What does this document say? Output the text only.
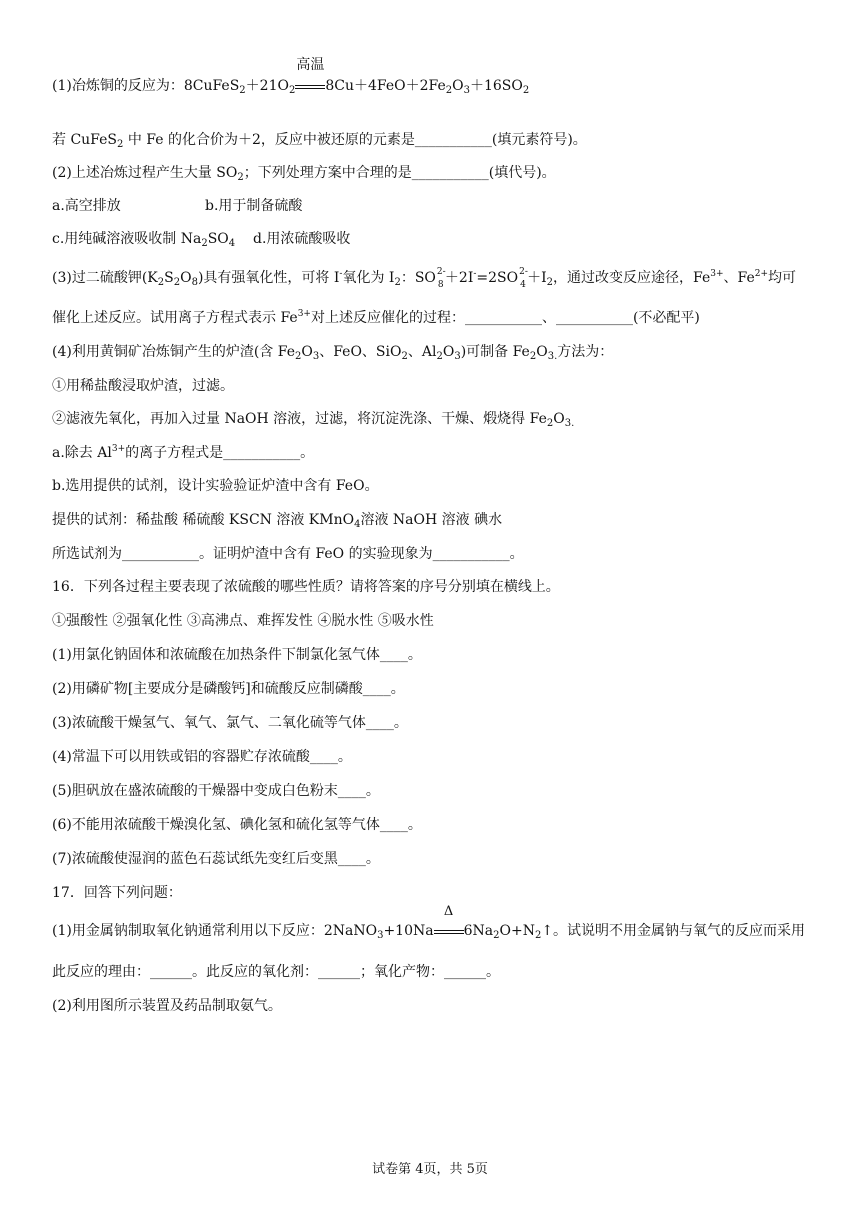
(1)冶炼铜的反应为：$8CuFeS_2+21O_2$
高温
$8Cu+4FeO+2Fe_2O_3+16SO_2$
若 CuFeS$_2$ 中 Fe 的化合价为＋2，反应中被还原的元素是___________(填元素符号)。
(2)上述冶炼过程产生大量 $SO_2$；下列处理方案中合理的是___________(填代号)。
a.高空排放	b.用于制备硫酸
c.用纯碱溶液吸收制 $Na_2SO_4$ d.用浓硫酸吸收
(3)过二硫酸钾$(K_2S_2O_8)$具有强氧化性，可将 I-氧化为 $I_2$：SO 2-
8 ＋2I-=2SO 2-
$4 +I_2$，通过改变反应途径，$Fe^{3+}$、$Fe^{2+}$均可
催化上述反应。试用离子方程式表示 $Fe^{3+}$对上述反应催化的过程：___________、___________(不必配平)
(4)利用黄铜矿冶炼铜产生的炉渣(含 $Fe_2O_3$、FeO、SiO$_2$、$Al_2O_3$)可制备 $Fe_2O_{3.}$方法为：
①用稀盐酸浸取炉渣，过滤。
②滤液先氧化，再加入过量 NaOH 溶液，过滤，将沉淀洗涤、干燥、煅烧得 $Fe_2O_{3.}$
a.除去 $Al^{3+}$的离子方程式是___________。
b.选用提供的试剂，设计实验验证炉渣中含有 FeO。
提供的试剂：稀盐酸 稀硫酸 KSCN 溶液 KMnO$_4$溶液 NaOH 溶液 碘水
所选试剂为___________。证明炉渣中含有 FeO 的实验现象为___________。
16．下列各过程主要表现了浓硫酸的哪些性质？请将答案的序号分别填在横线上。
①强酸性 ②强氧化性 ③高沸点、难挥发性 ④脱水性 ⑤吸水性
(1)用氯化钠固体和浓硫酸在加热条件下制氯化氢气体____。
(2)用磷矿物[主要成分是磷酸钙]和硫酸反应制磷酸____。
(3)浓硫酸干燥氢气、氧气、氯气、二氧化硫等气体____。
(4)常温下可以用铁或铝的容器贮存浓硫酸____。
(5)胆矾放在盛浓硫酸的干燥器中变成白色粉末____。
(6)不能用浓硫酸干燥溴化氢、碘化氢和硫化氢等气体____。
(7)浓硫酸使湿润的蓝色石蕊试纸先变红后变黑____。
17．回答下列问题：
(1)用金属钠制取氧化钠通常利用以下反应：2NaNO$_3$+10Na
Δ
$6Na_2O+N_2↑$。试说明不用金属钠与氧气的反应而采用
此反应的理由：______。此反应的氧化剂：______；氧化产物：______。
(2)利用图所示装置及药品制取氨气。
试卷第 4页，共 5页
